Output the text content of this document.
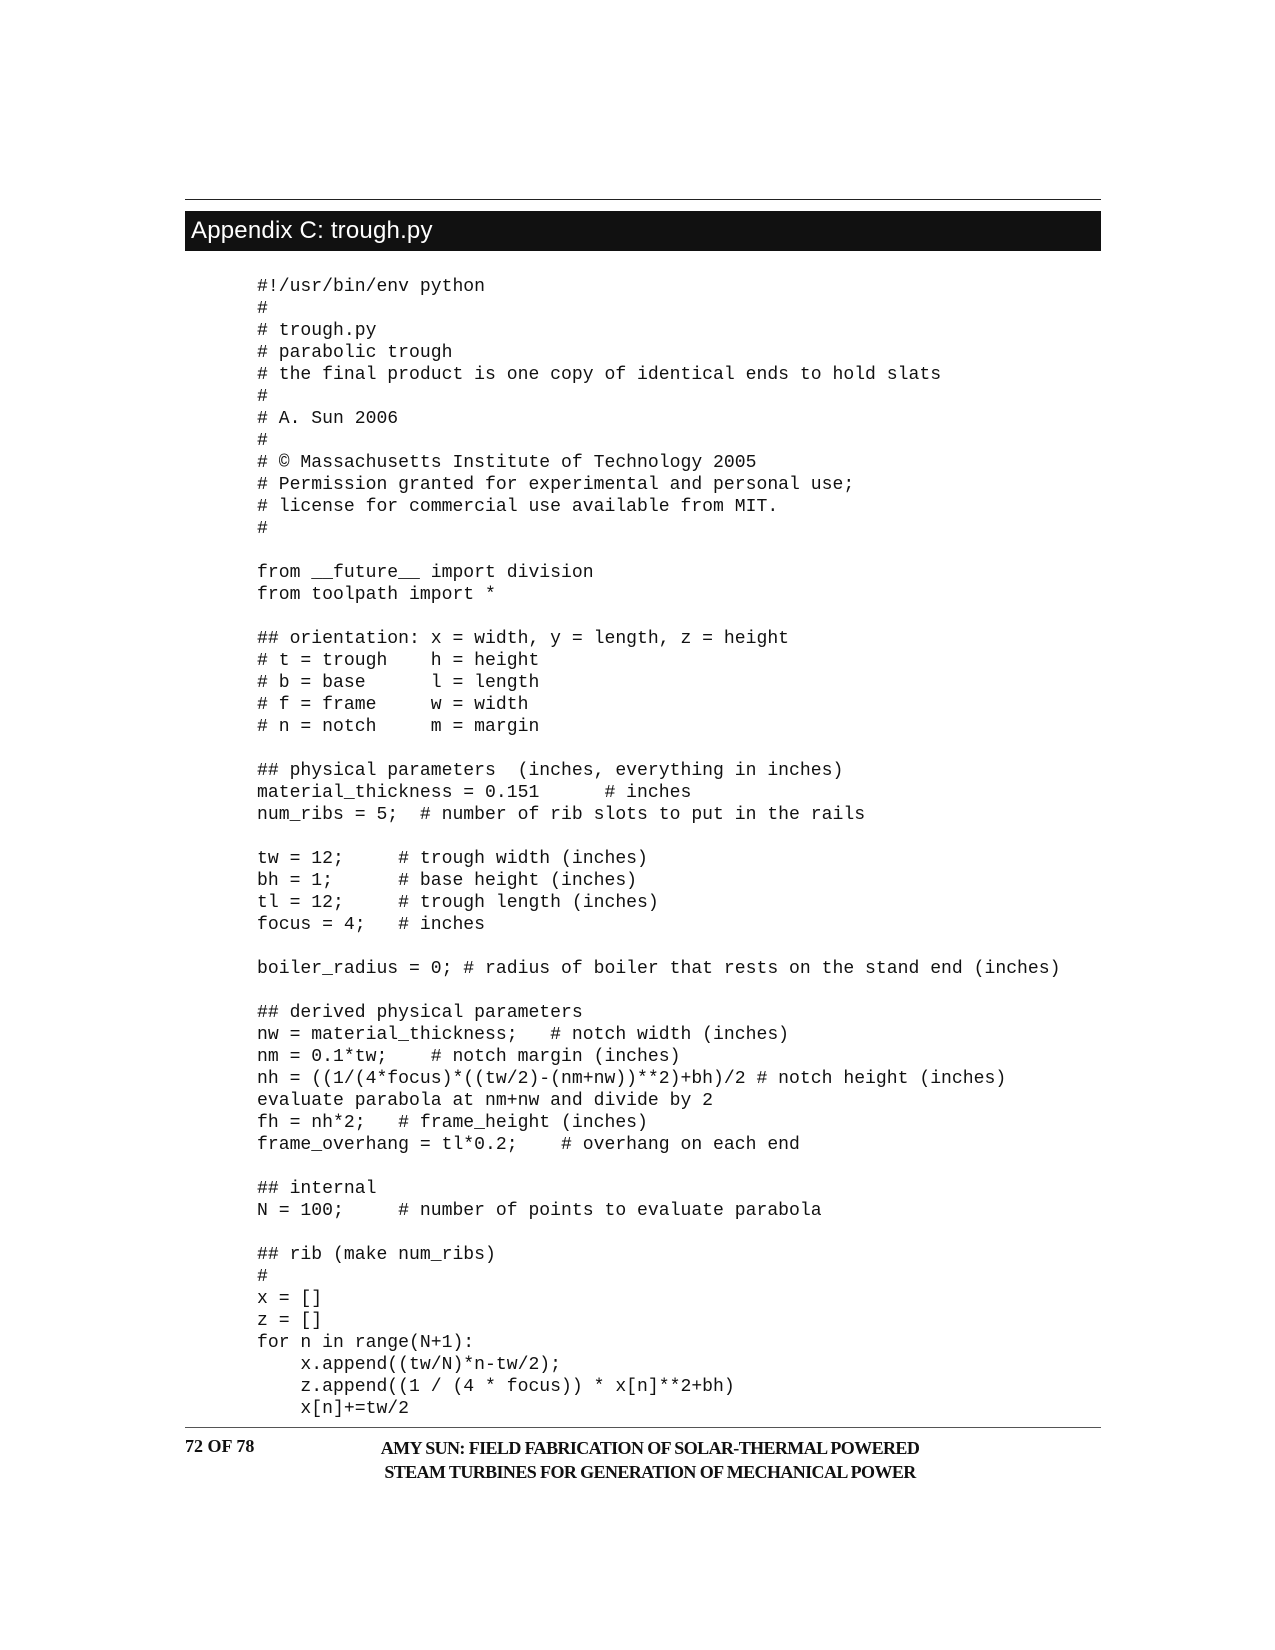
Appendix C: trough.py
#!/usr/bin/env python
#
# trough.py
# parabolic trough
# the final product is one copy of identical ends to hold slats
#
# A. Sun 2006
#
# © Massachusetts Institute of Technology 2005
# Permission granted for experimental and personal use;
# license for commercial use available from MIT.
#
from __future__ import division
from toolpath import *
## orientation: x = width, y = length, z = height
# t = trough    h = height
# b = base      l = length
# f = frame     w = width
# n = notch     m = margin
## physical parameters  (inches, everything in inches)
material_thickness = 0.151      # inches
num_ribs = 5;  # number of rib slots to put in the rails
tw = 12;     # trough width (inches)
bh = 1;      # base height (inches)
tl = 12;     # trough length (inches)
focus = 4;   # inches
boiler_radius = 0; # radius of boiler that rests on the stand end (inches)
## derived physical parameters
nw = material_thickness;   # notch width (inches)
nm = 0.1*tw;    # notch margin (inches)
nh = ((1/(4*focus)*((tw/2)-(nm+nw))**2)+bh)/2 # notch height (inches)
evaluate parabola at nm+nw and divide by 2
fh = nh*2;   # frame_height (inches)
frame_overhang = tl*0.2;    # overhang on each end
## internal
N = 100;     # number of points to evaluate parabola
## rib (make num_ribs)
#
x = []
z = []
for n in range(N+1):
x.append((tw/N)*n-tw/2);
z.append((1 / (4 * focus)) * x[n]**2+bh)
x[n]+=tw/2
72 OF 78	AMY SUN: FIELD FABRICATION OF SOLAR-THERMAL POWERED
STEAM TURBINES FOR GENERATION OF MECHANICAL POWER
